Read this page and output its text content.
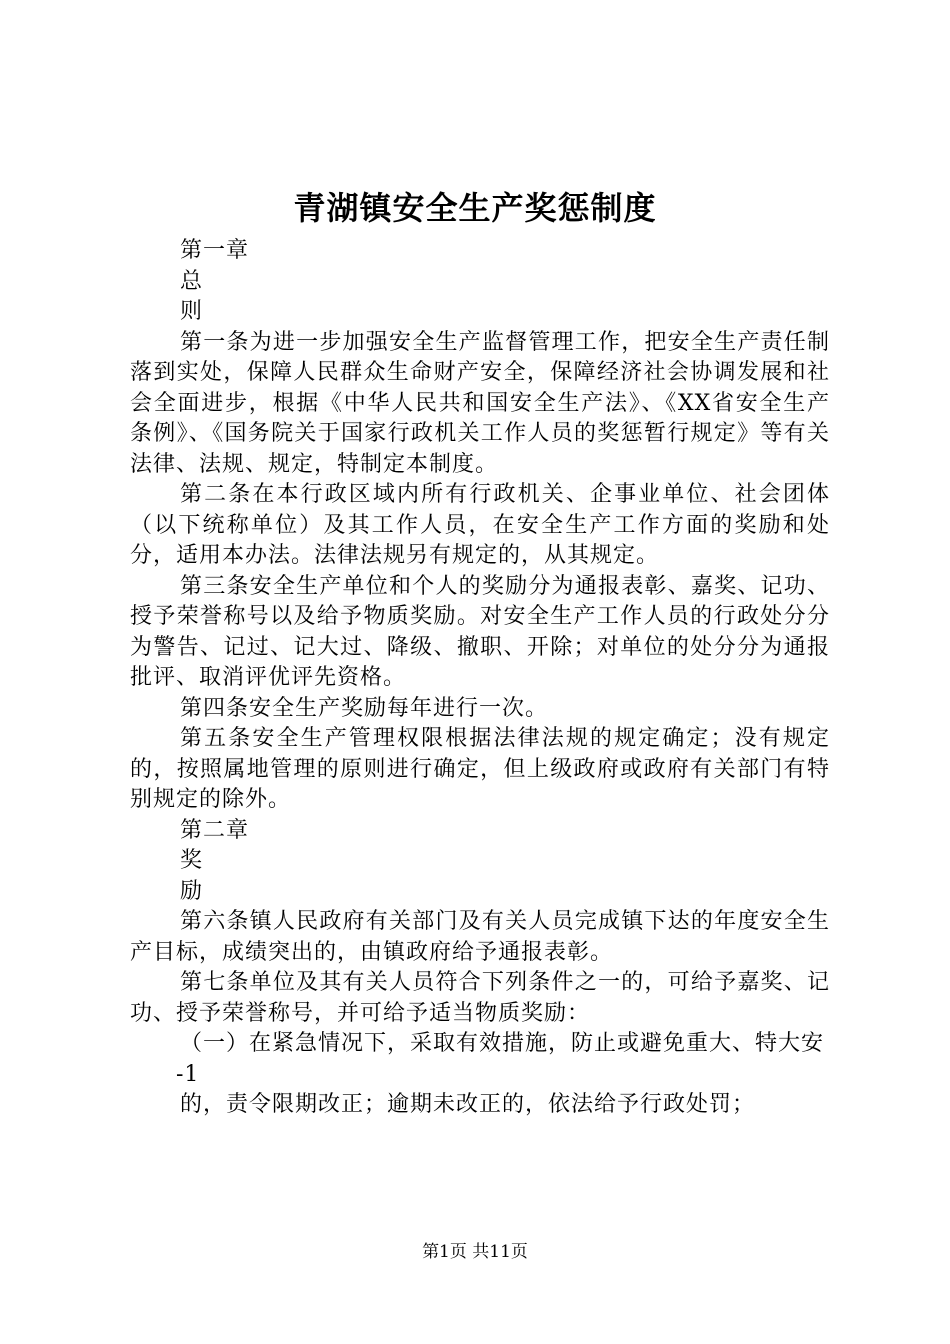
青湖镇安全生产奖惩制度

第一章

总

则

第一条为进一步加强安全生产监督管理工作，把安全生产责任制落到实处，保障人民群众生命财产安全，保障经济社会协调发展和社会全面进步，根据《中华人民共和国安全生产法》、《XX省安全生产条例》、《国务院关于国家行政机关工作人员的奖惩暂行规定》等有关法律、法规、规定，特制定本制度。

第二条在本行政区域内所有行政机关、企事业单位、社会团体（以下统称单位）及其工作人员，在安全生产工作方面的奖励和处分，适用本办法。法律法规另有规定的，从其规定。

第三条安全生产单位和个人的奖励分为通报表彰、嘉奖、记功、授予荣誉称号以及给予物质奖励。对安全生产工作人员的行政处分分为警告、记过、记大过、降级、撤职、开除；对单位的处分分为通报批评、取消评优评先资格。

第四条安全生产奖励每年进行一次。

第五条安全生产管理权限根据法律法规的规定确定；没有规定的，按照属地管理的原则进行确定，但上级政府或政府有关部门有特别规定的除外。

第二章

奖

励

第六条镇人民政府有关部门及有关人员完成镇下达的年度安全生产目标，成绩突出的，由镇政府给予通报表彰。

第七条单位及其有关人员符合下列条件之一的，可给予嘉奖、记功、授予荣誉称号，并可给予适当物质奖励：

（一）在紧急情况下，采取有效措施，防止或避免重大、特大安

-1

的，责令限期改正；逾期未改正的，依法给予行政处罚；

第1页 共11页
